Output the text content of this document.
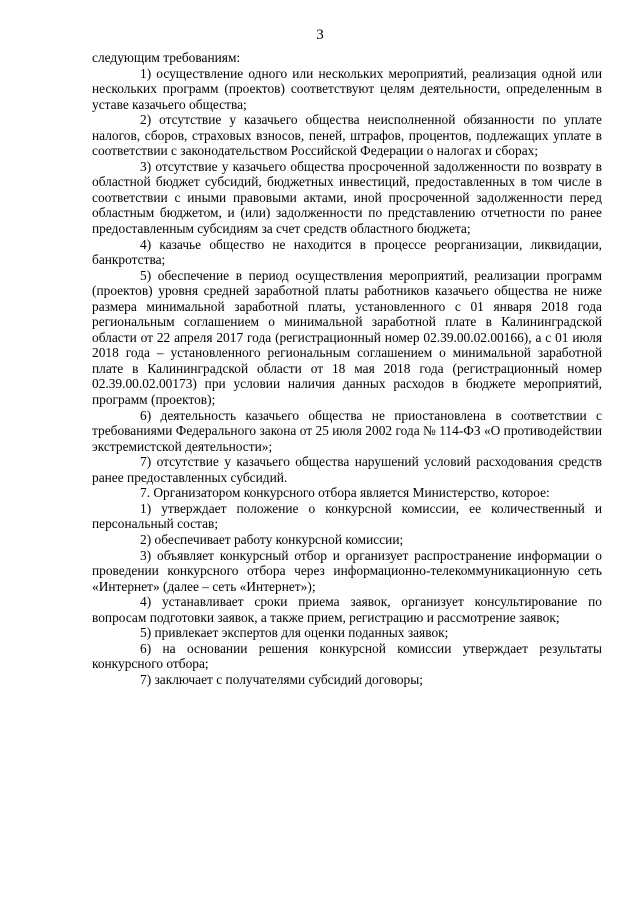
3

следующим требованиям:

1) осуществление одного или нескольких мероприятий, реализация одной или нескольких программ (проектов) соответствуют целям деятельности, определенным в уставе казачьего общества;

2) отсутствие у казачьего общества неисполненной обязанности по уплате налогов, сборов, страховых взносов, пеней, штрафов, процентов, подлежащих уплате в соответствии с законодательством Российской Федерации о налогах и сборах;

3) отсутствие у казачьего общества просроченной задолженности по возврату в областной бюджет субсидий, бюджетных инвестиций, предоставленных в том числе в соответствии с иными правовыми актами, иной просроченной задолженности перед областным бюджетом, и (или) задолженности по представлению отчетности по ранее предоставленным субсидиям за счет средств областного бюджета;

4) казачье общество не находится в процессе реорганизации, ликвидации, банкротства;

5) обеспечение в период осуществления мероприятий, реализации программ (проектов) уровня средней заработной платы работников казачьего общества не ниже размера минимальной заработной платы, установленного с 01 января 2018 года региональным соглашением о минимальной заработной плате в Калининградской области от 22 апреля 2017 года (регистрационный номер 02.39.00.02.00166), а с 01 июля 2018 года – установленного региональным соглашением о минимальной заработной плате в Калининградской области от 18 мая 2018 года (регистрационный номер 02.39.00.02.00173) при условии наличия данных расходов в бюджете мероприятий, программ (проектов);

6) деятельность казачьего общества не приостановлена в соответствии с требованиями Федерального закона от 25 июля 2002 года № 114-ФЗ «О противодействии экстремистской деятельности»;

7) отсутствие у казачьего общества нарушений условий расходования средств ранее предоставленных субсидий.

7. Организатором конкурсного отбора является Министерство, которое:

1) утверждает положение о конкурсной комиссии, ее количественный и персональный состав;

2) обеспечивает работу конкурсной комиссии;

3) объявляет конкурсный отбор и организует распространение информации о проведении конкурсного отбора через информационно-телекоммуникационную сеть «Интернет» (далее – сеть «Интернет»);

4) устанавливает сроки приема заявок, организует консультирование по вопросам подготовки заявок, а также прием, регистрацию и рассмотрение заявок;

5) привлекает экспертов для оценки поданных заявок;

6) на основании решения конкурсной комиссии утверждает результаты конкурсного отбора;

7) заключает с получателями субсидий договоры;
